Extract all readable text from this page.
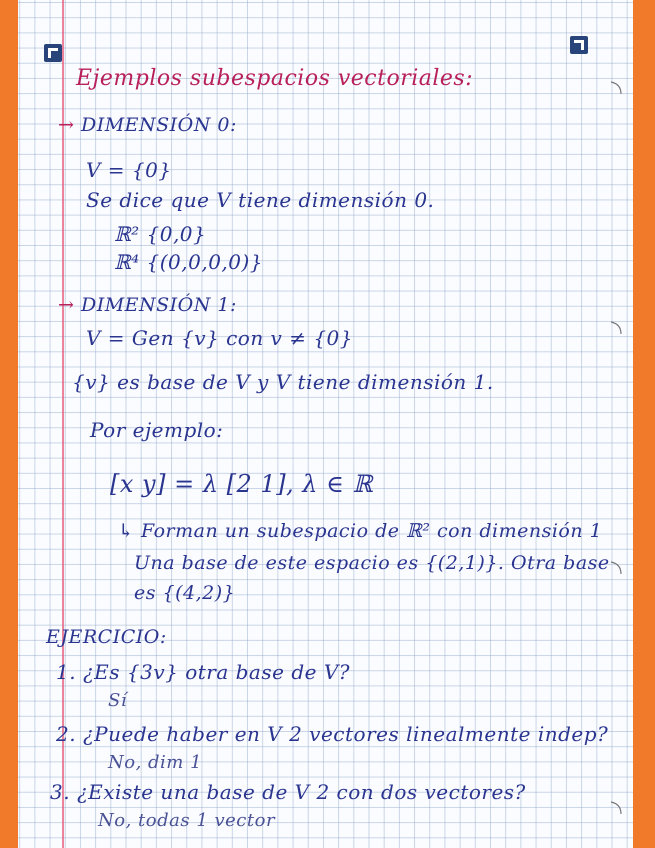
Ejemplos subespacios vectoriales:
→ DIMENSIÓN 0:
V = {0}
Se dice que V tiene dimensión 0.
ℝ² {0,0}
ℝ⁴ {(0,0,0,0)}
→ DIMENSIÓN 1:
V = Gen {v} con v ≠ {0}
{v} es base de V y V tiene dimensión 1.
Por ejemplo:
[x y] = λ [2 1], λ ∈ ℝ
↳ Forman un subespacio de ℝ² con dimensión 1
Una base de este espacio es {(2,1)}. Otra base
es {(4,2)}
EJERCICIO:
1. ¿Es {3v} otra base de V?
Sí
2. ¿Puede haber en V 2 vectores linealmente indep?
No, dim 1
3. ¿Existe una base de V 2 con dos vectores?
No, todas 1 vector
